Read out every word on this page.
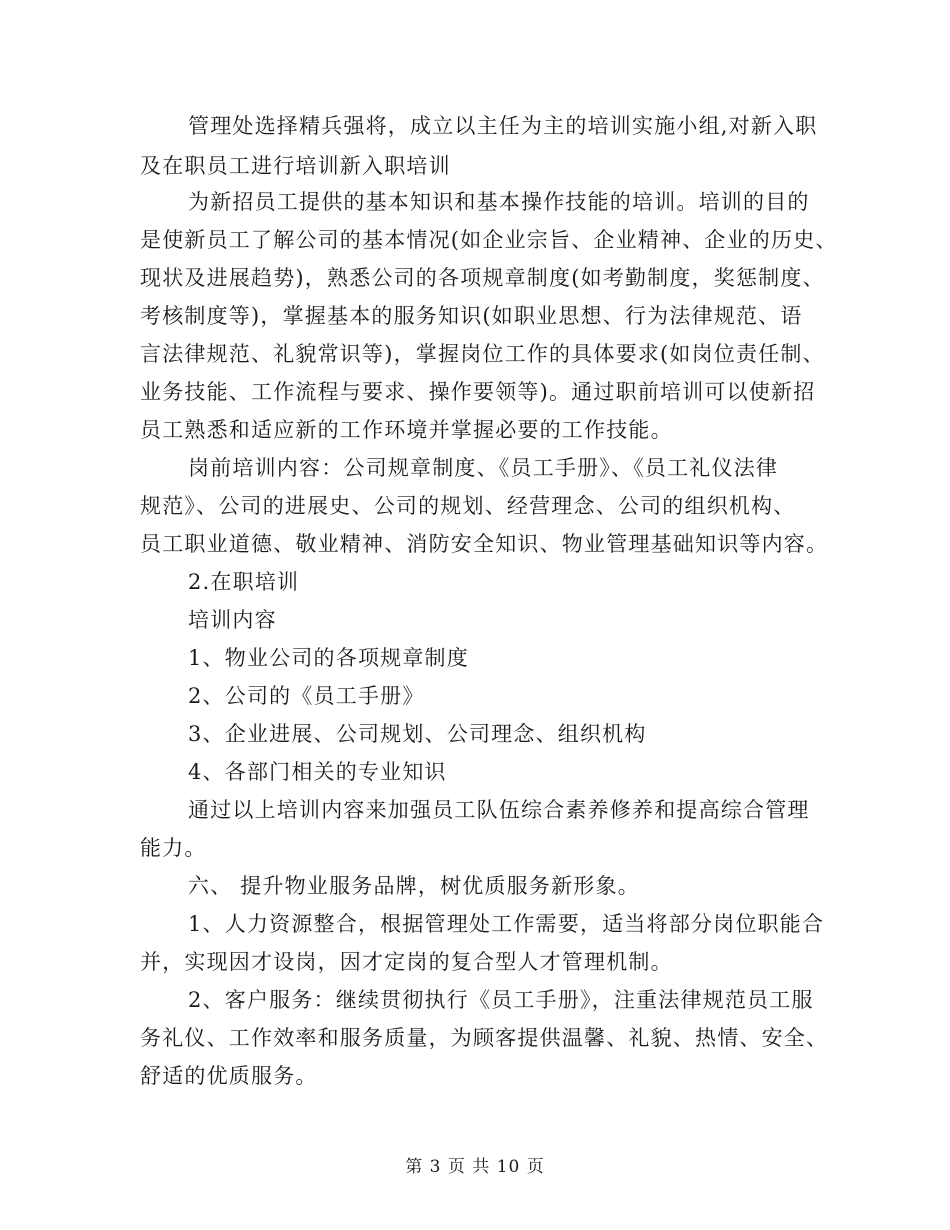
管理处选择精兵强将，成立以主任为主的培训实施小组,对新入职
及在职员工进行培训新入职培训
为新招员工提供的基本知识和基本操作技能的培训。培训的目的
是使新员工了解公司的基本情况(如企业宗旨、企业精神、企业的历史、
现状及进展趋势)，熟悉公司的各项规章制度(如考勤制度，奖惩制度、
考核制度等)，掌握基本的服务知识(如职业思想、行为法律规范、语
言法律规范、礼貌常识等)，掌握岗位工作的具体要求(如岗位责任制、
业务技能、工作流程与要求、操作要领等)。通过职前培训可以使新招
员工熟悉和适应新的工作环境并掌握必要的工作技能。
岗前培训内容：公司规章制度、《员工手册》、《员工礼仪法律
规范》、公司的进展史、公司的规划、经营理念、公司的组织机构、
员工职业道德、敬业精神、消防安全知识、物业管理基础知识等内容。
2.在职培训
培训内容
1、物业公司的各项规章制度
2、公司的《员工手册》
3、企业进展、公司规划、公司理念、组织机构
4、各部门相关的专业知识
通过以上培训内容来加强员工队伍综合素养修养和提高综合管理
能力。
六、 提升物业服务品牌，树优质服务新形象。
1、人力资源整合，根据管理处工作需要，适当将部分岗位职能合
并，实现因才设岗，因才定岗的复合型人才管理机制。
2、客户服务：继续贯彻执行《员工手册》，注重法律规范员工服
务礼仪、工作效率和服务质量，为顾客提供温馨、礼貌、热情、安全、
舒适的优质服务。
第 3 页 共 10 页
